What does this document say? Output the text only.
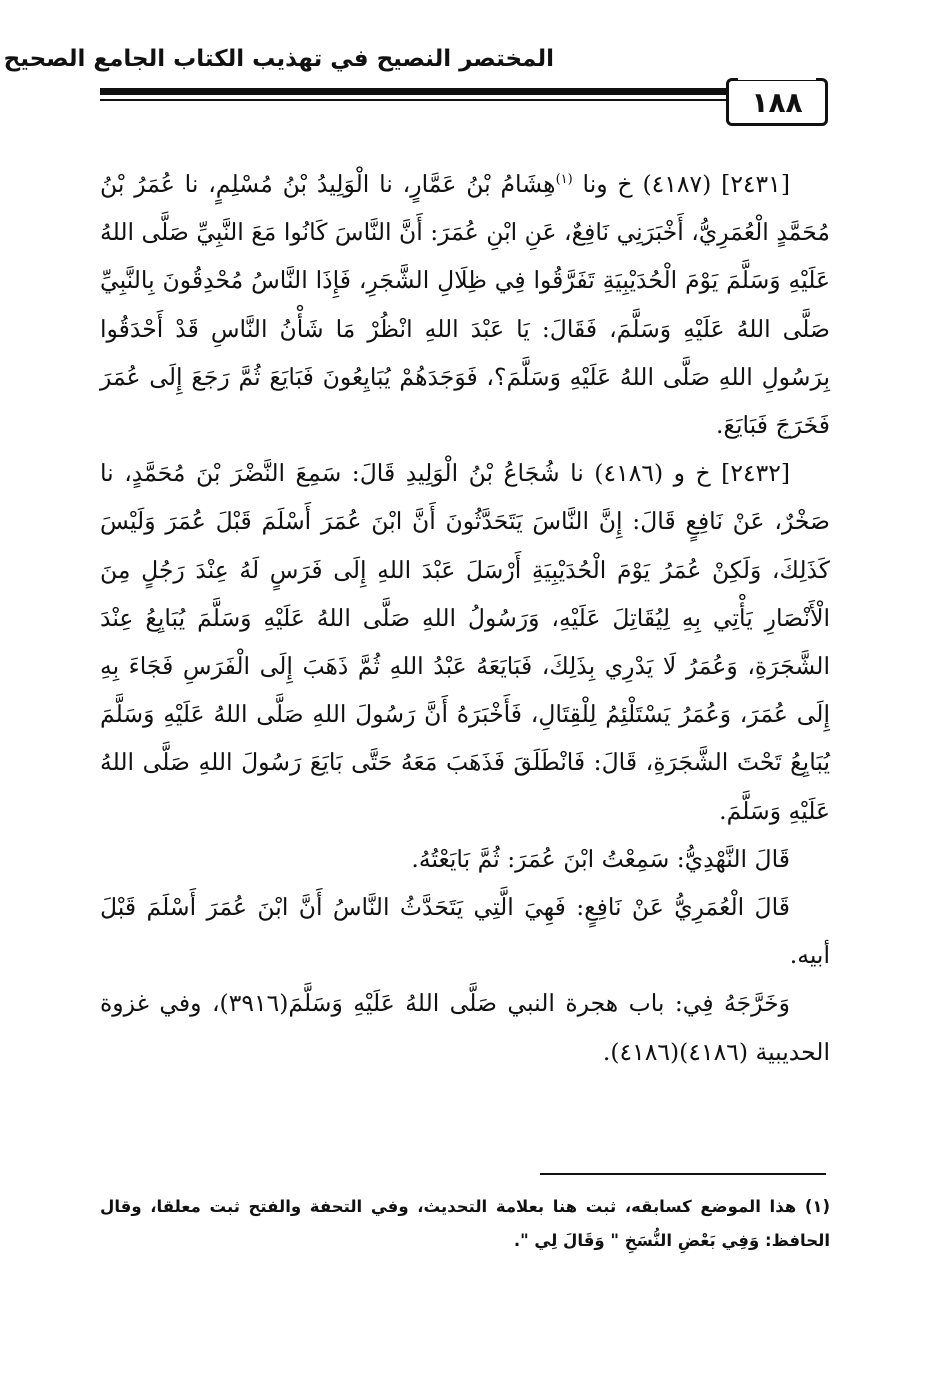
المختصر النصيح في تهذيب الكتاب الجامع الصحيح
١٨٨

[٢٤٣١] (٤١٨٧) خ ونا $^{(١)}$هِشَامُ بْنُ عَمَّارٍ، نا الْوَلِيدُ بْنُ مُسْلِمٍ، نا عُمَرُ بْنُ مُحَمَّدٍ الْعُمَرِيُّ، أَخْبَرَنِي نَافِعٌ، عَنِ ابْنِ عُمَرَ: أَنَّ النَّاسَ كَانُوا مَعَ النَّبِيِّ صَلَّى اللهُ عَلَيْهِ وَسَلَّمَ يَوْمَ الْحُدَيْبِيَةِ تَفَرَّقُوا فِي ظِلَالِ الشَّجَرِ، فَإِذَا النَّاسُ مُحْدِقُونَ بِالنَّبِيِّ صَلَّى اللهُ عَلَيْهِ وَسَلَّمَ، فَقَالَ: يَا عَبْدَ اللهِ انْظُرْ مَا شَأْنُ النَّاسِ قَدْ أَحْدَقُوا بِرَسُولِ اللهِ صَلَّى اللهُ عَلَيْهِ وَسَلَّمَ؟، فَوَجَدَهُمْ يُبَايِعُونَ فَبَايَعَ ثُمَّ رَجَعَ إِلَى عُمَرَ فَخَرَجَ فَبَايَعَ.

[٢٤٣٢] خ و (٤١٨٦) نا شُجَاعُ بْنُ الْوَلِيدِ قَالَ: سَمِعَ النَّضْرَ بْنَ مُحَمَّدٍ، نا صَخْرٌ، عَنْ نَافِعٍ قَالَ: إِنَّ النَّاسَ يَتَحَدَّثُونَ أَنَّ ابْنَ عُمَرَ أَسْلَمَ قَبْلَ عُمَرَ وَلَيْسَ كَذَلِكَ، وَلَكِنْ عُمَرُ يَوْمَ الْحُدَيْبِيَةِ أَرْسَلَ عَبْدَ اللهِ إِلَى فَرَسٍ لَهُ عِنْدَ رَجُلٍ مِنَ الْأَنْصَارِ يَأْتِي بِهِ لِيُقَاتِلَ عَلَيْهِ، وَرَسُولُ اللهِ صَلَّى اللهُ عَلَيْهِ وَسَلَّمَ يُبَايِعُ عِنْدَ الشَّجَرَةِ، وَعُمَرُ لَا يَدْرِي بِذَلِكَ، فَبَايَعَهُ عَبْدُ اللهِ ثُمَّ ذَهَبَ إِلَى الْفَرَسِ فَجَاءَ بِهِ إِلَى عُمَرَ، وَعُمَرُ يَسْتَلْئِمُ لِلْقِتَالِ، فَأَخْبَرَهُ أَنَّ رَسُولَ اللهِ صَلَّى اللهُ عَلَيْهِ وَسَلَّمَ يُبَايِعُ تَحْتَ الشَّجَرَةِ، قَالَ: فَانْطَلَقَ فَذَهَبَ مَعَهُ حَتَّى بَايَعَ رَسُولَ اللهِ صَلَّى اللهُ عَلَيْهِ وَسَلَّمَ.

قَالَ النَّهْدِيُّ: سَمِعْتُ ابْنَ عُمَرَ: ثُمَّ بَايَعْتُهُ.

قَالَ الْعُمَرِيُّ عَنْ نَافِعٍ: فَهِيَ الَّتِي يَتَحَدَّثُ النَّاسُ أَنَّ ابْنَ عُمَرَ أَسْلَمَ قَبْلَ أبيه.

وَخَرَّجَهُ فِي: باب هجرة النبي صَلَّى اللهُ عَلَيْهِ وَسَلَّمَ(٣٩١٦)، وفي غزوة الحديبية (٤١٨٦)(٤١٨٦).

(١) هذا الموضع كسابقه، ثبت هنا بعلامة التحديث، وفي التحفة والفتح ثبت معلقا، وقال الحافظ: وَفِي بَعْضِ النُّسَخِ " وَقَالَ لِي ".
